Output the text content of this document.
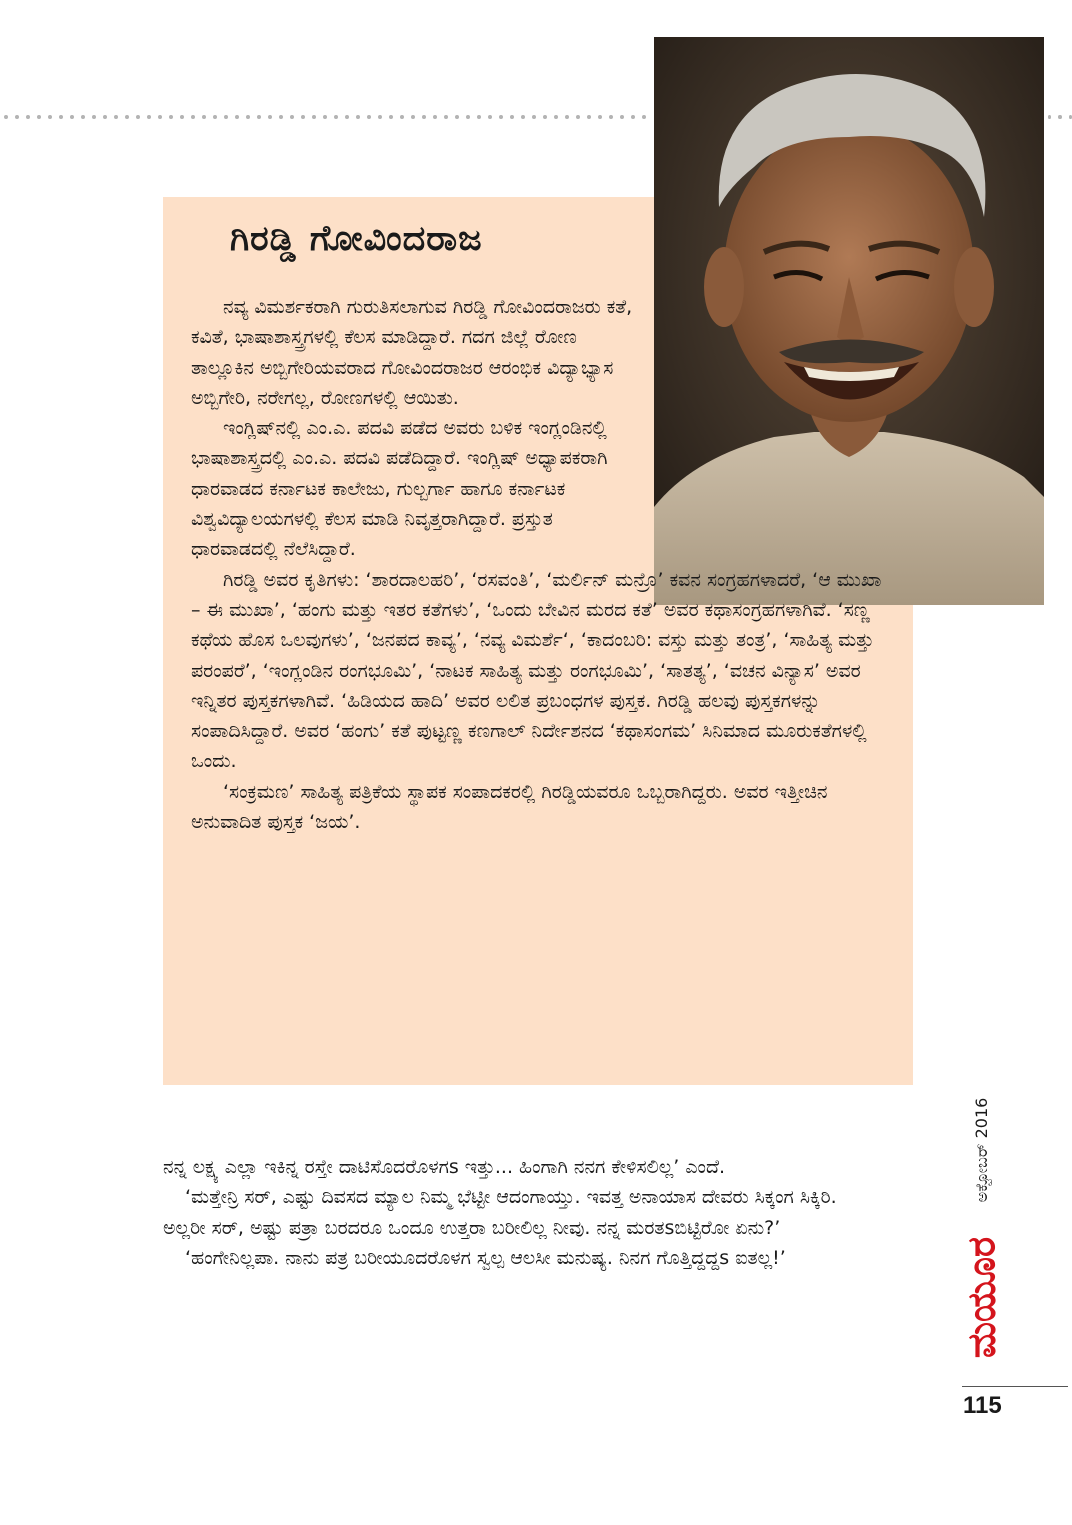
ಗಿರಡ್ಡಿ ಗೋವಿಂದರಾಜ

ನವ್ಯ ವಿಮರ್ಶಕರಾಗಿ ಗುರುತಿಸಲಾಗುವ ಗಿರಡ್ಡಿ ಗೋವಿಂದರಾಜರು ಕತೆ, ಕವಿತೆ, ಭಾಷಾಶಾಸ್ತ್ರಗಳಲ್ಲಿ ಕೆಲಸ ಮಾಡಿದ್ದಾರೆ. ಗದಗ ಜಿಲ್ಲೆ ರೋಣ ತಾಲ್ಲೂಕಿನ ಅಬ್ಬಿಗೇರಿಯವರಾದ ಗೋವಿಂದರಾಜರ ಆರಂಭಿಕ ವಿದ್ಯಾಭ್ಯಾಸ ಅಬ್ಬಿಗೇರಿ, ನರೇಗಲ್ಲ, ರೋಣಗಳಲ್ಲಿ ಆಯಿತು.

ಇಂಗ್ಲಿಷ್‌ನಲ್ಲಿ ಎಂ.ಎ. ಪದವಿ ಪಡೆದ ಅವರು ಬಳಿಕ ಇಂಗ್ಲಂಡಿನಲ್ಲಿ ಭಾಷಾಶಾಸ್ತ್ರದಲ್ಲಿ ಎಂ.ಎ. ಪದವಿ ಪಡೆದಿದ್ದಾರೆ. ಇಂಗ್ಲಿಷ್ ಅಧ್ಯಾಪಕರಾಗಿ ಧಾರವಾಡದ ಕರ್ನಾಟಕ ಕಾಲೇಜು, ಗುಲ್ಬರ್ಗಾ ಹಾಗೂ ಕರ್ನಾಟಕ ವಿಶ್ವವಿದ್ಯಾಲಯಗಳಲ್ಲಿ ಕೆಲಸ ಮಾಡಿ ನಿವೃತ್ತರಾಗಿದ್ದಾರೆ. ಪ್ರಸ್ತುತ ಧಾರವಾಡದಲ್ಲಿ ನೆಲೆಸಿದ್ದಾರೆ.

ಗಿರಡ್ಡಿ ಅವರ ಕೃತಿಗಳು: ‘ಶಾರದಾಲಹರಿ’, ‘ರಸವಂತಿ’, ‘ಮರ್ಲಿನ್ ಮನ್ರೊ’ ಕವನ ಸಂಗ್ರಹಗಳಾದರೆ, ‘ಆ ಮುಖಾ – ಈ ಮುಖಾ’, ‘ಹಂಗು ಮತ್ತು ಇತರ ಕತೆಗಳು’, ‘ಒಂದು ಬೇವಿನ ಮರದ ಕತೆ’ ಅವರ ಕಥಾಸಂಗ್ರಹಗಳಾಗಿವೆ. ‘ಸಣ್ಣ ಕಥೆಯ ಹೊಸ ಒಲವುಗಳು’, ‘ಜನಪದ ಕಾವ್ಯ’, ‘ನವ್ಯ ವಿಮರ್ಶೆ‘, ‘ಕಾದಂಬರಿ: ವಸ್ತು ಮತ್ತು ತಂತ್ರ’, ‘ಸಾಹಿತ್ಯ ಮತ್ತು ಪರಂಪರೆ’, ‘ಇಂಗ್ಲಂಡಿನ ರಂಗಭೂಮಿ’, ‘ನಾಟಕ ಸಾಹಿತ್ಯ ಮತ್ತು ರಂಗಭೂಮಿ’, ‘ಸಾತತ್ಯ’, ‘ವಚನ ವಿನ್ಯಾಸ’ ಅವರ ಇನ್ನಿತರ ಪುಸ್ತಕಗಳಾಗಿವೆ. ‘ಹಿಡಿಯದ ಹಾದಿ’ ಅವರ ಲಲಿತ ಪ್ರಬಂಧಗಳ ಪುಸ್ತಕ. ಗಿರಡ್ಡಿ ಹಲವು ಪುಸ್ತಕಗಳನ್ನು ಸಂಪಾದಿಸಿದ್ದಾರೆ. ಅವರ ‘ಹಂಗು’ ಕತೆ ಪುಟ್ಟಣ್ಣ ಕಣಗಾಲ್ ನಿರ್ದೇಶನದ ‘ಕಥಾಸಂಗಮ’ ಸಿನಿಮಾದ ಮೂರುಕತೆಗಳಲ್ಲಿ ಒಂದು.

‘ಸಂಕ್ರಮಣ’ ಸಾಹಿತ್ಯ ಪತ್ರಿಕೆಯ ಸ್ಥಾಪಕ ಸಂಪಾದಕರಲ್ಲಿ ಗಿರಡ್ಡಿಯವರೂ ಒಬ್ಬರಾಗಿದ್ದರು. ಅವರ ಇತ್ತೀಚಿನ ಅನುವಾದಿತ ಪುಸ್ತಕ ‘ಜಯ’.

ನನ್ನ ಲಕ್ಷ್ಯ ಎಲ್ಲಾ ಇಕಿನ್ನ ರಸ್ತೇ ದಾಟಿಸೊದರೊಳಗs ಇತ್ತು... ಹಿಂಗಾಗಿ ನನಗ ಕೇಳಿಸಲಿಲ್ಲ’ ಎಂದೆ.

‘ಮತ್ತೇನ್ರಿ ಸರ್, ಎಷ್ಟು ದಿವಸದ ಮ್ಯಾಲ ನಿಮ್ಮ ಭೆಟ್ಟೀ ಆದಂಗಾಯ್ತು. ಇವತ್ತ ಅನಾಯಾಸ ದೇವರು ಸಿಕ್ಕಂಗ ಸಿಕ್ಕಿರಿ. ಅಲ್ಲರೀ ಸರ್, ಅಷ್ಟು ಪತ್ರಾ ಬರದರೂ ಒಂದೂ ಉತ್ತರಾ ಬರೀಲಿಲ್ಲ ನೀವು. ನನ್ನ ಮರತsಬಿಟ್ಟಿರೋ ಏನು?’

‘ಹಂಗೇನಿಲ್ಲಪಾ. ನಾನು ಪತ್ರ ಬರೀಯೂದರೊಳಗ ಸ್ವಲ್ಪ ಆಲಸೀ ಮನುಷ್ಯ. ನಿನಗ ಗೊತ್ತಿದ್ದದ್ದs ಐತಲ್ಲ!’

ಅಕ್ಟೋಬರ್ 2016
ಮಯೂರ
115
